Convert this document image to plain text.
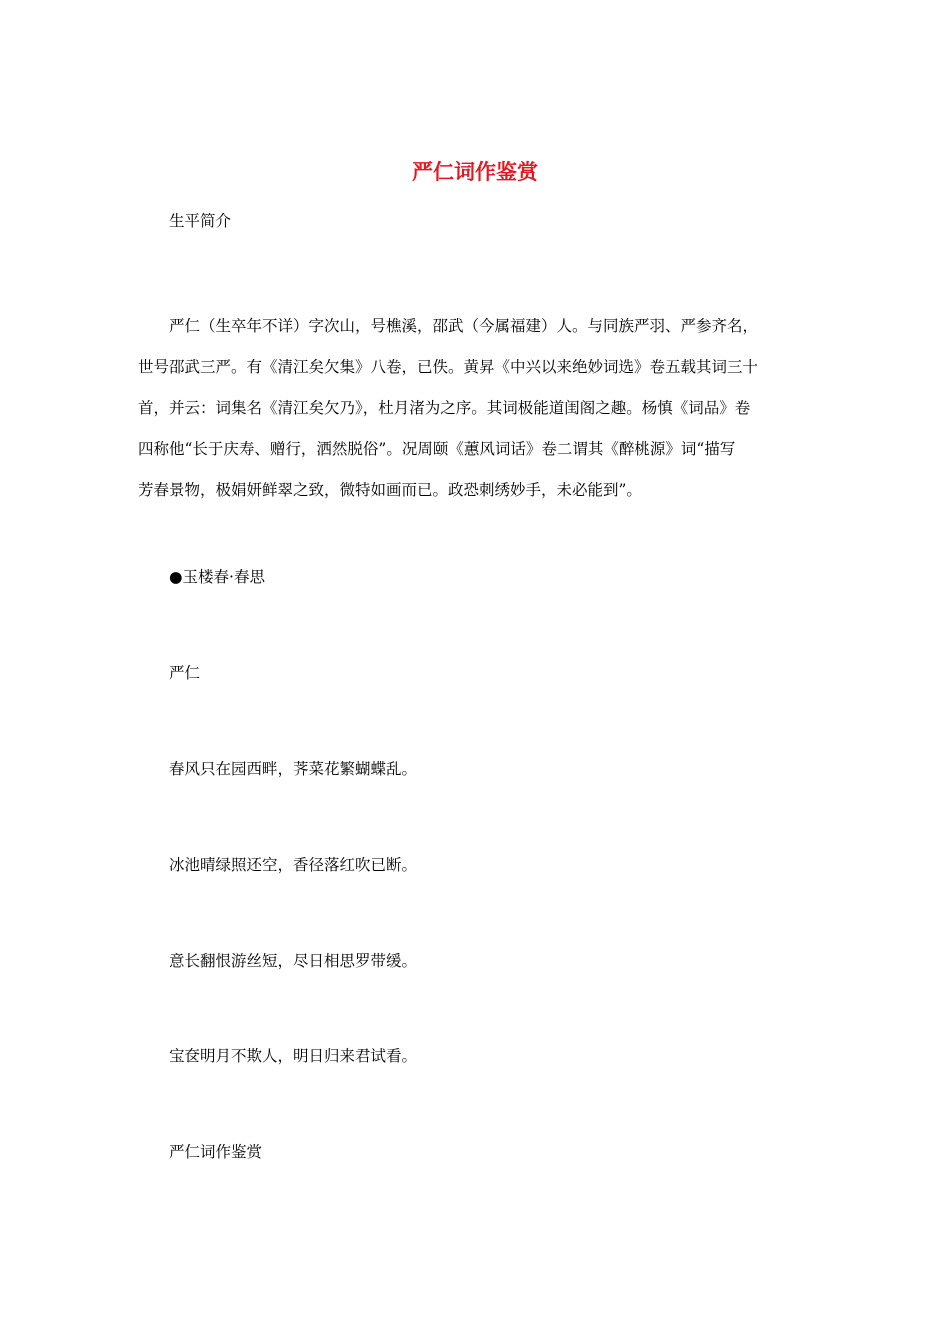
严仁词作鉴赏
生平简介
严仁（生卒年不详）字次山，号樵溪，邵武（今属福建）人。与同族严羽、严参齐名，
世号邵武三严。有《清江矣欠集》八卷，已佚。黄昇《中兴以来绝妙词选》卷五载其词三十
首，并云：词集名《清江矣欠乃》，杜月渚为之序。其词极能道闺阁之趣。杨慎《词品》卷
四称他“长于庆寿、赠行，洒然脱俗”。况周颐《蕙风词话》卷二谓其《醉桃源》词“描写
芳春景物，极娟妍鲜翠之致，微特如画而已。政恐刺绣妙手，未必能到”。
●玉楼春·春思
严仁
春风只在园西畔，荠菜花繁蝴蝶乱。
冰池晴绿照还空，香径落红吹已断。
意长翻恨游丝短，尽日相思罗带缓。
宝奁明月不欺人，明日归来君试看。
严仁词作鉴赏
